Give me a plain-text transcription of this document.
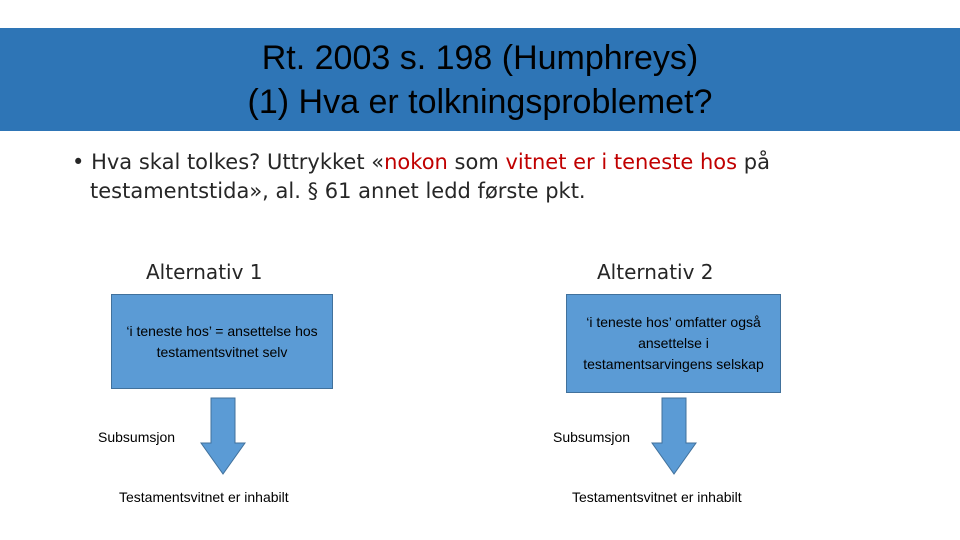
Rt. 2003 s. 198 (Humphreys)
(1) Hva er tolkningsproblemet?
• Hva skal tolkes? Uttrykket «nokon som vitnet er i teneste hos på testamentstida», al. § 61 annet ledd første pkt.
Alternativ 1
‘i teneste hos’ = ansettelse hos testamentsvitnet selv
Subsumsjon
Testamentsvitnet er inhabilt
Alternativ 2
‘i teneste hos’ omfatter også ansettelse i testamentsarvingens selskap
Subsumsjon
Testamentsvitnet er inhabilt
